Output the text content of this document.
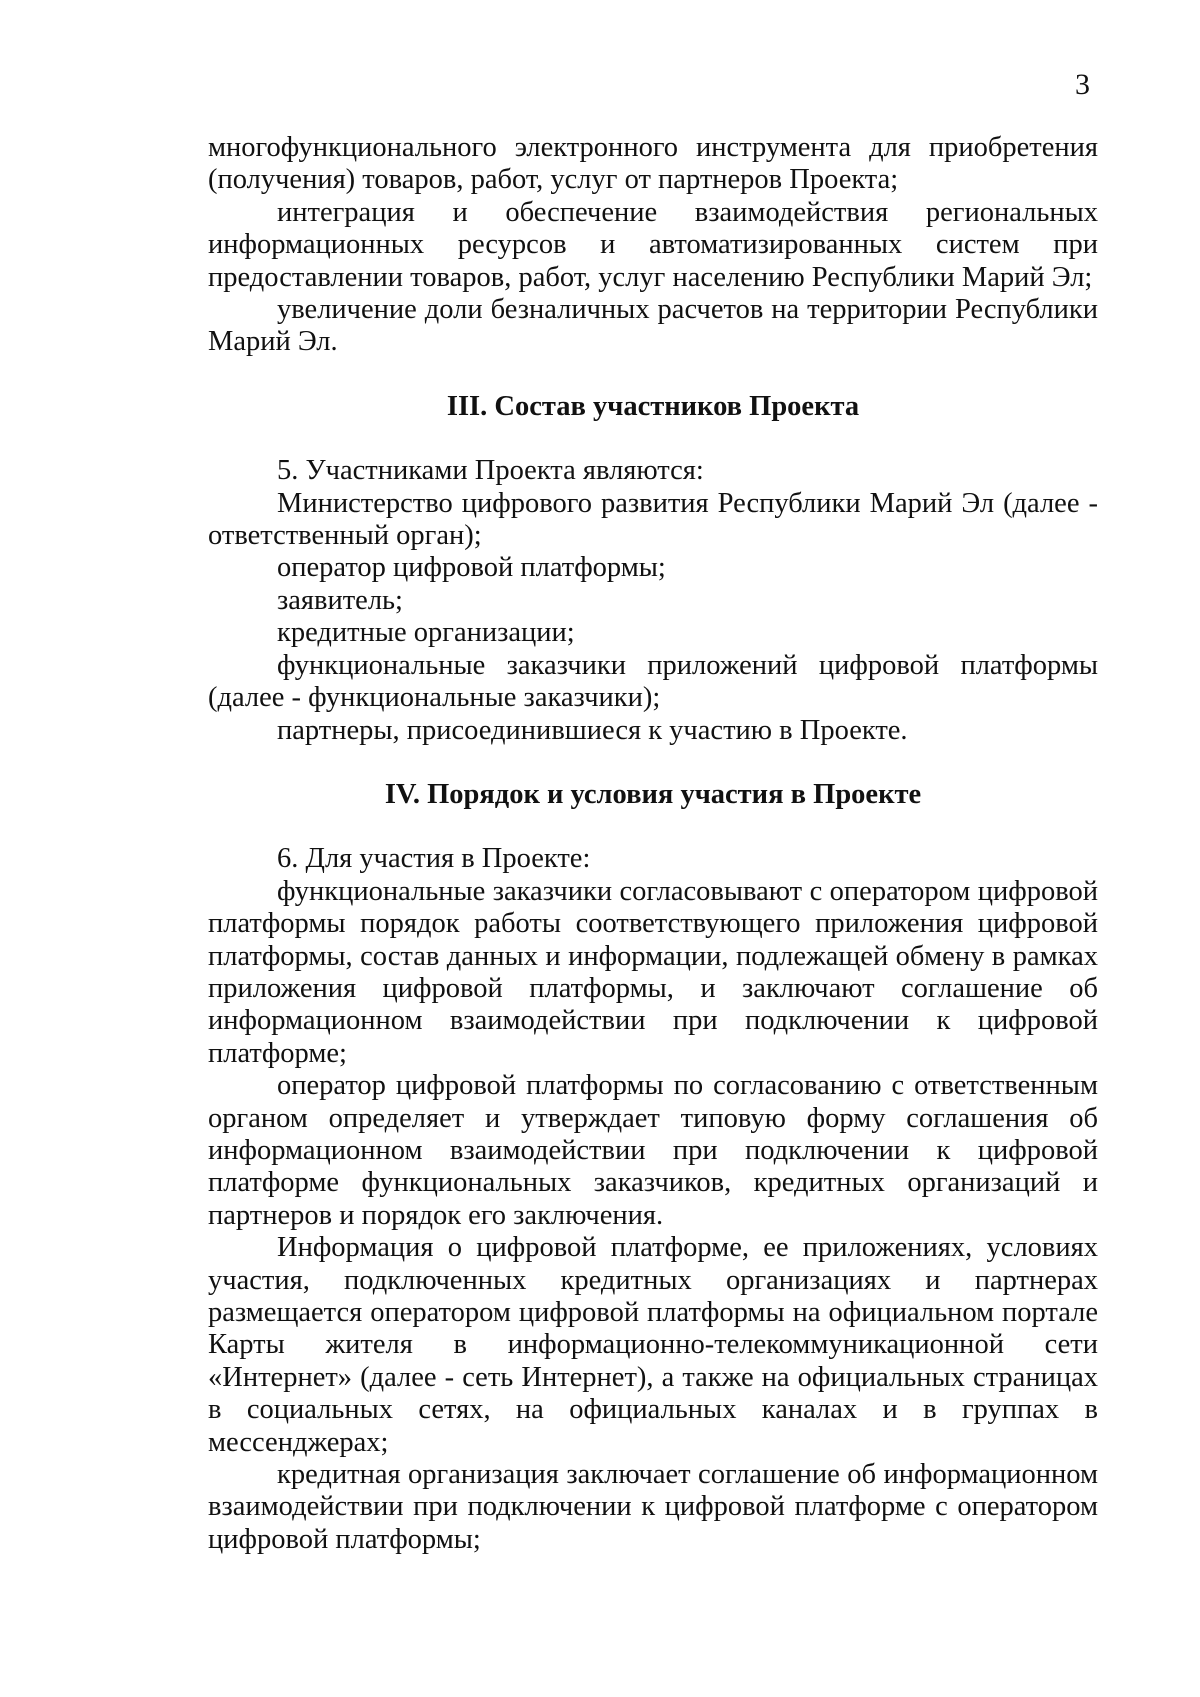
3

многофункционального электронного инструмента для приобретения (получения) товаров, работ, услуг от партнеров Проекта;

интеграция и обеспечение взаимодействия региональных информационных ресурсов и автоматизированных систем при предоставлении товаров, работ, услуг населению Республики Марий Эл;

увеличение доли безналичных расчетов на территории Республики Марий Эл.

III. Состав участников Проекта

5. Участниками Проекта являются:

Министерство цифрового развития Республики Марий Эл (далее - ответственный орган);

оператор цифровой платформы;

заявитель;

кредитные организации;

функциональные заказчики приложений цифровой платформы (далее - функциональные заказчики);

партнеры, присоединившиеся к участию в Проекте.

IV. Порядок и условия участия в Проекте

6. Для участия в Проекте:

функциональные заказчики согласовывают с оператором цифровой платформы порядок работы соответствующего приложения цифровой платформы, состав данных и информации, подлежащей обмену в рамках приложения цифровой платформы, и заключают соглашение об информационном взаимодействии при подключении к цифровой платформе;

оператор цифровой платформы по согласованию с ответственным органом определяет и утверждает типовую форму соглашения об информационном взаимодействии при подключении к цифровой платформе функциональных заказчиков, кредитных организаций и партнеров и порядок его заключения.

Информация о цифровой платформе, ее приложениях, условиях участия, подключенных кредитных организациях и партнерах размещается оператором цифровой платформы на официальном портале Карты жителя в информационно-телекоммуникационной сети «Интернет» (далее - сеть Интернет), а также на официальных страницах в социальных сетях, на официальных каналах и в группах в мессенджерах;

кредитная организация заключает соглашение об информационном взаимодействии при подключении к цифровой платформе с оператором цифровой платформы;
